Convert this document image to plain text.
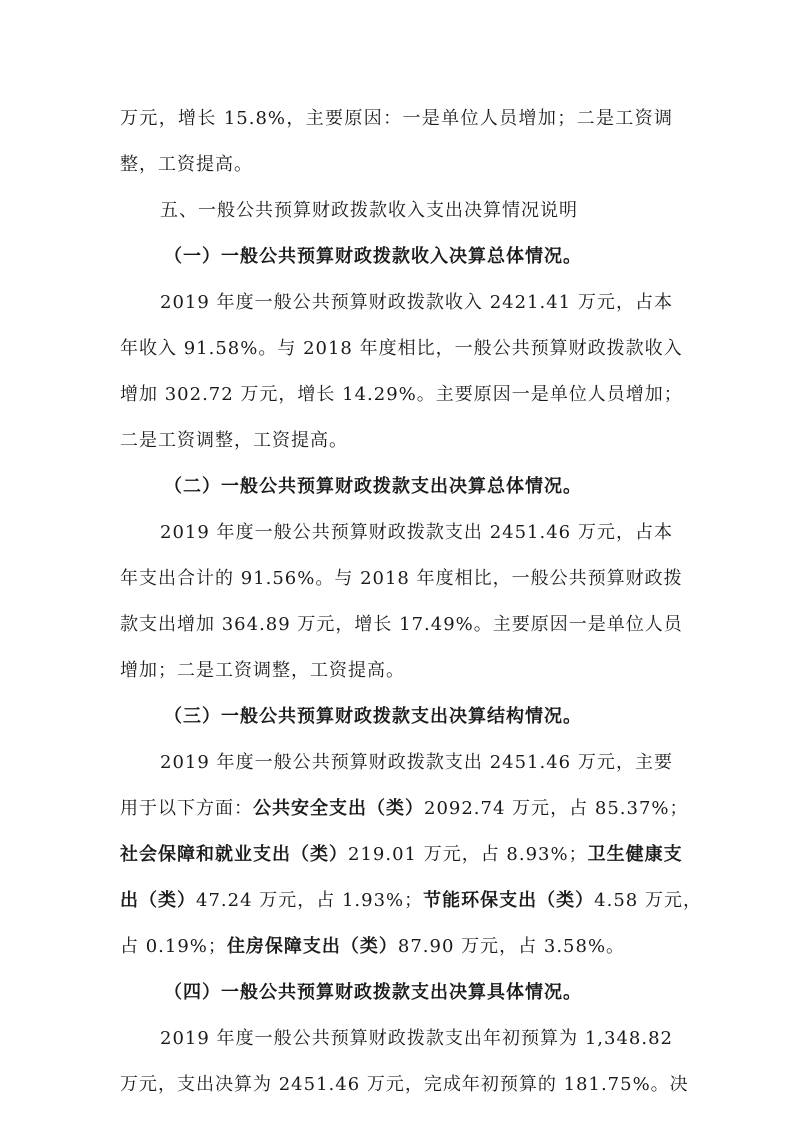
万元，增长 15.8%，主要原因：一是单位人员增加；二是工资调
整，工资提高。
五、一般公共预算财政拨款收入支出决算情况说明
（一）一般公共预算财政拨款收入决算总体情况。
2019 年度一般公共预算财政拨款收入 2421.41 万元，占本
年收入 91.58%。与 2018 年度相比，一般公共预算财政拨款收入
增加 302.72 万元，增长 14.29%。主要原因一是单位人员增加；
二是工资调整，工资提高。
（二）一般公共预算财政拨款支出决算总体情况。
2019 年度一般公共预算财政拨款支出 2451.46 万元，占本
年支出合计的 91.56%。与 2018 年度相比，一般公共预算财政拨
款支出增加 364.89 万元，增长 17.49%。主要原因一是单位人员
增加；二是工资调整，工资提高。
（三）一般公共预算财政拨款支出决算结构情况。
2019 年度一般公共预算财政拨款支出 2451.46 万元，主要
用于以下方面：公共安全支出（类）2092.74 万元，占 85.37%；
社会保障和就业支出（类）219.01 万元，占 8.93%；卫生健康支
出（类）47.24 万元，占 1.93%；节能环保支出（类）4.58 万元，
占 0.19%；住房保障支出（类）87.90 万元，占 3.58%。
（四）一般公共预算财政拨款支出决算具体情况。
2019 年度一般公共预算财政拨款支出年初预算为 1,348.82
万元，支出决算为 2451.46 万元，完成年初预算的 181.75%。决
